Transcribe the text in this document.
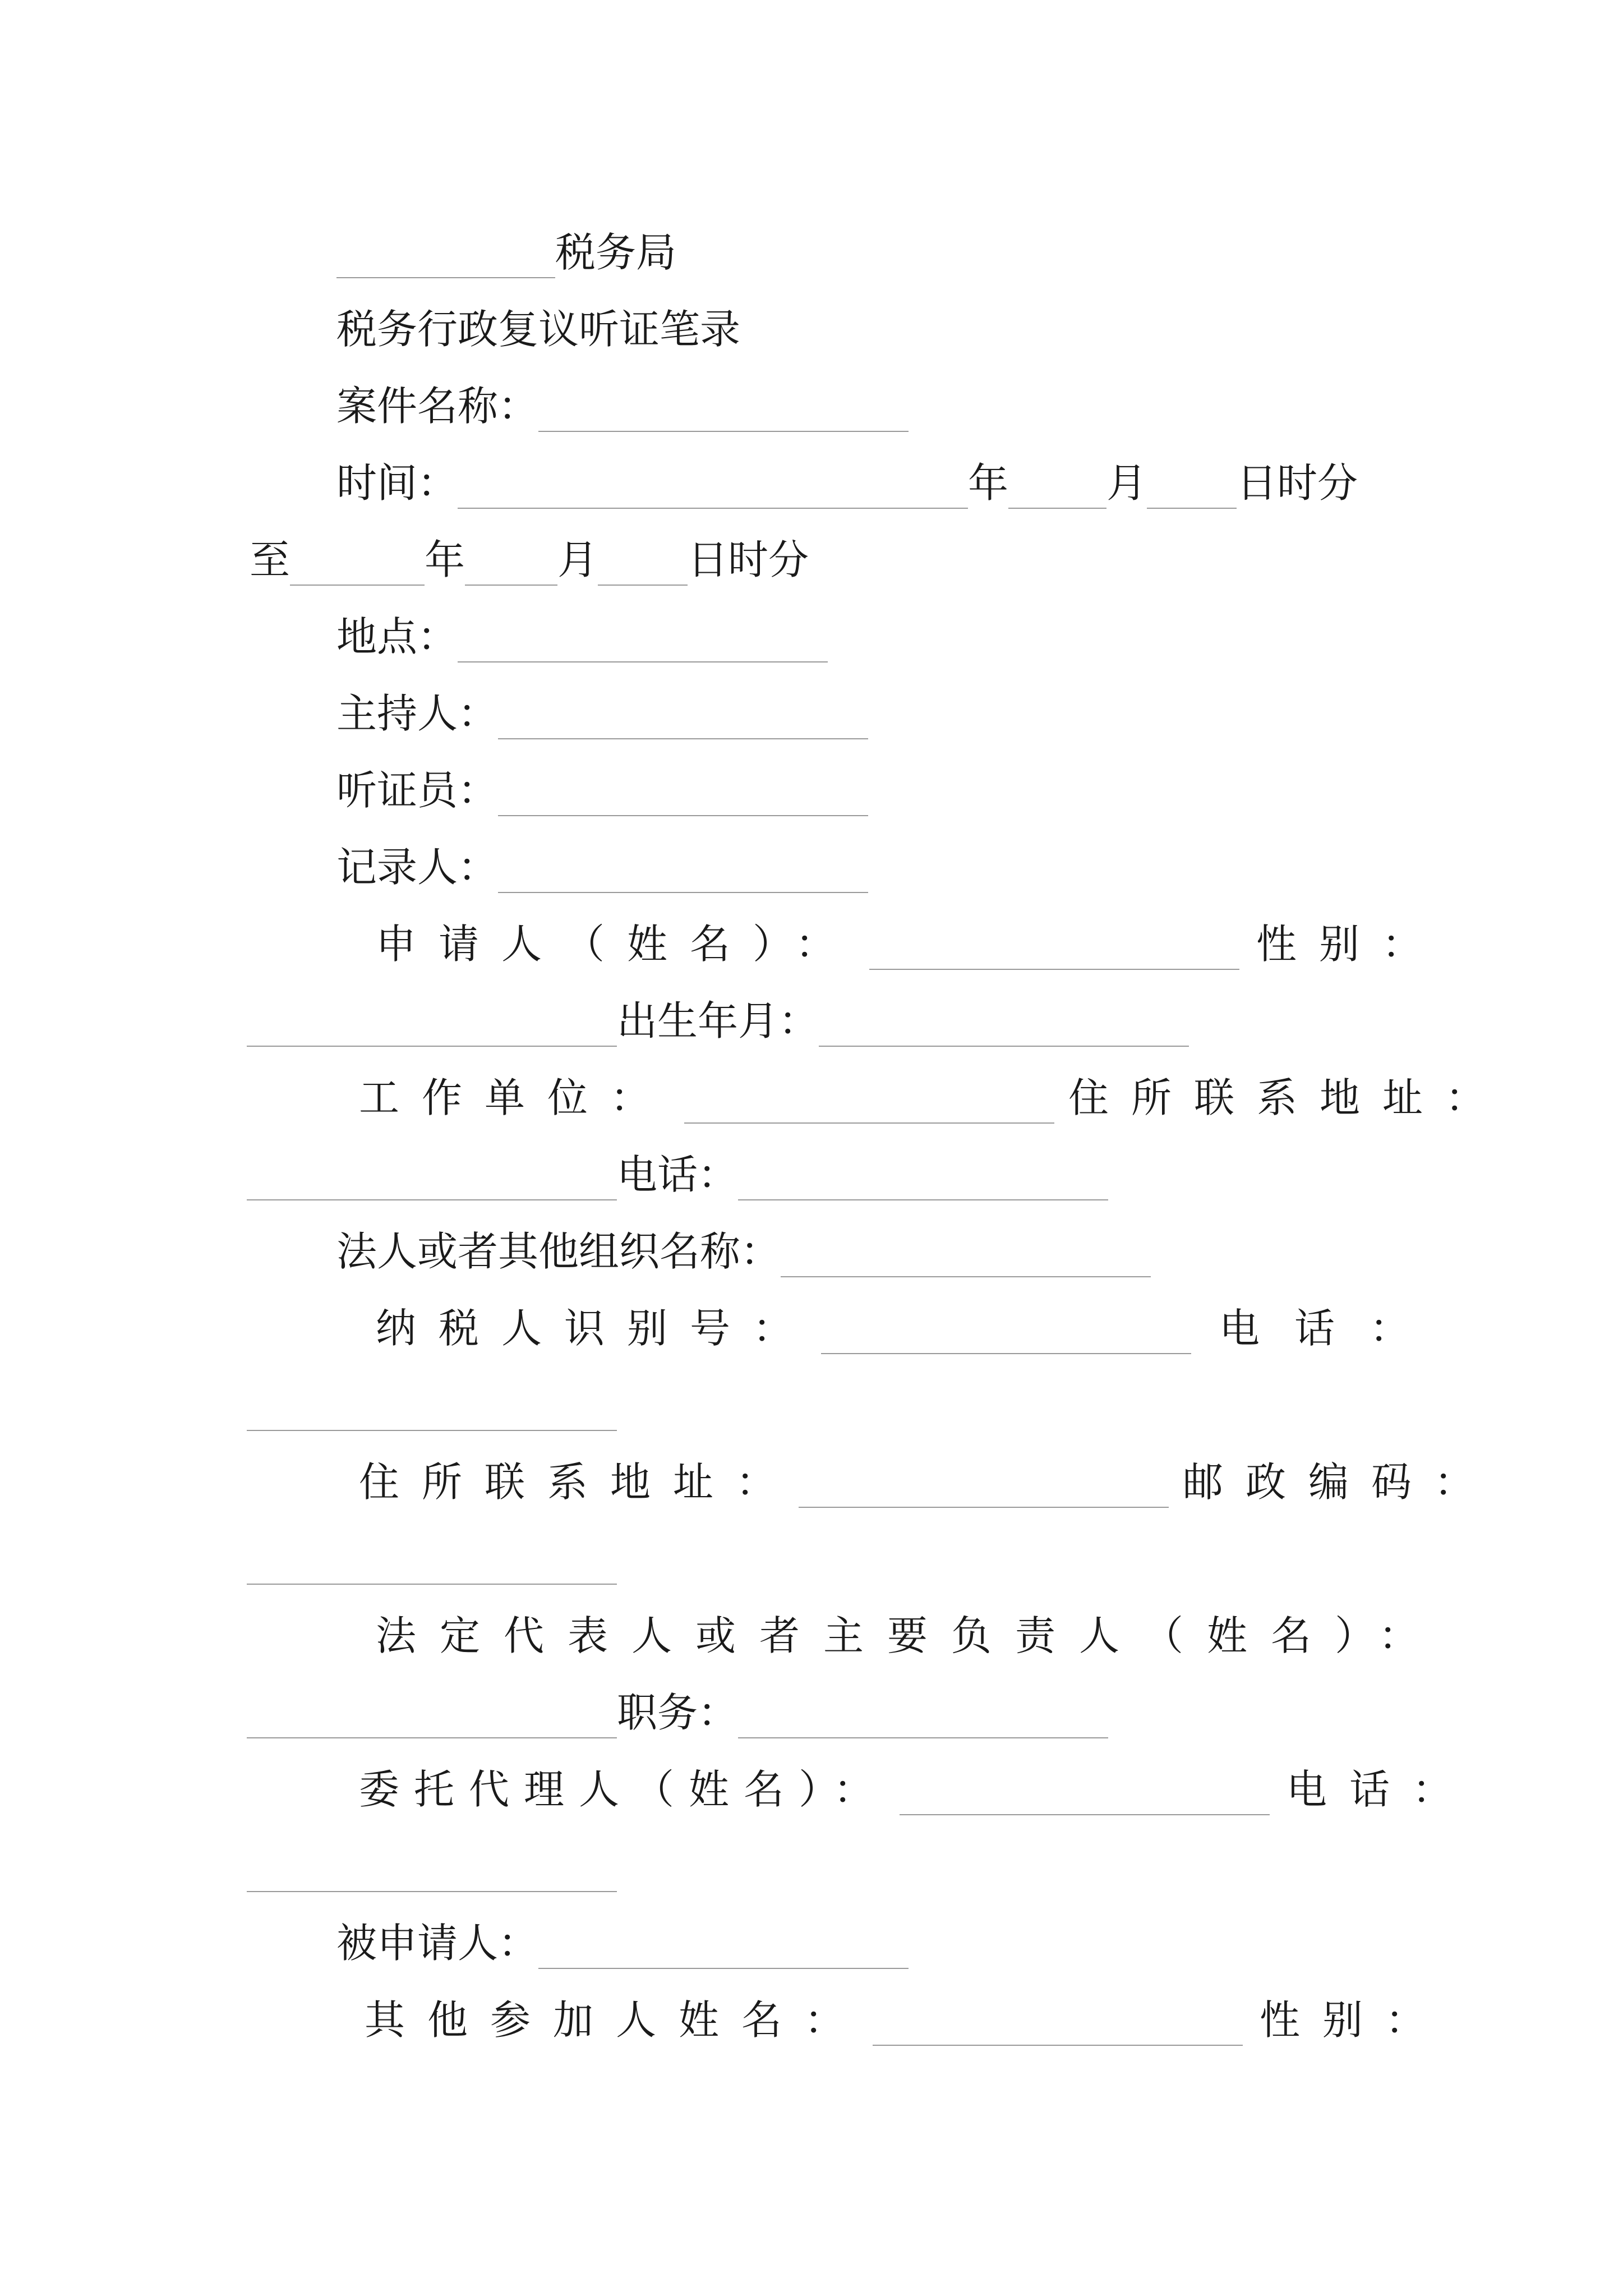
税务局
税务行政复议听证笔录
案件名称：
时间：	年 月 日时分
至	年 月 日时分
地点：
主持人：
听证员：
记录人：
申请人（姓名）：	性别：
出生年月：
工作单位：	住所联系地址：
电话：
法人或者其他组织名称：
纳税人识别号：	电话：
住所联系地址：	邮政编码：
法定代表人或者主要负责人（姓名）：
职务：
委托代理人（姓名）：	电话：
被申请人：
其他参加人姓名：	性别：
